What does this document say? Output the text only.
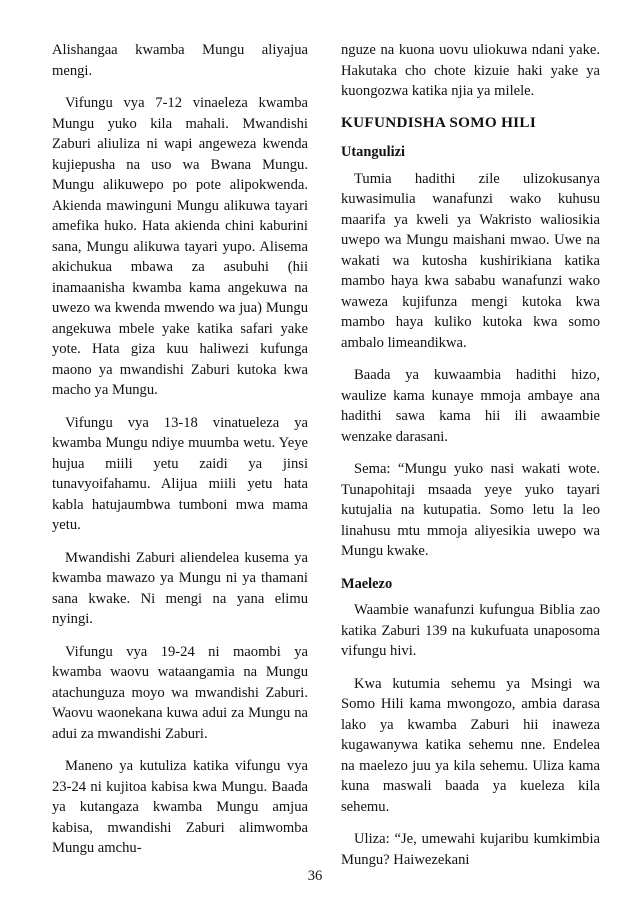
Alishangaa kwamba Mungu aliyajua mengi.

Vifungu vya 7-12 vinaeleza kwamba Mungu yuko kila mahali. Mwandishi Zaburi aliuliza ni wapi angeweza kwenda kujiepusha na uso wa Bwana Mungu. Mungu alikuwepo po pote alipokwenda. Akienda mawinguni Mungu alikuwa tayari amefika huko. Hata akienda chini kaburini sana, Mungu alikuwa tayari yupo. Alisema akichukua mbawa za asubuhi (hii inamaanisha kwamba kama angekuwa na uwezo wa kwenda mwendo wa jua) Mungu angekuwa mbele yake katika safari yake yote. Hata giza kuu haliwezi kufunga maono ya mwandishi Zaburi kutoka kwa macho ya Mungu.

Vifungu vya 13-18 vinatueleza ya kwamba Mungu ndiye muumba wetu. Yeye hujua miili yetu zaidi ya jinsi tunavyoifahamu. Alijua miili yetu hata kabla hatujaumbwa tumboni mwa mama yetu.

Mwandishi Zaburi aliendelea kusema ya kwamba mawazo ya Mungu ni ya thamani sana kwake. Ni mengi na yana elimu nyingi.

Vifungu vya 19-24 ni maombi ya kwamba waovu wataangamia na Mungu atachunguza moyo wa mwandishi Zaburi. Waovu waonekana kuwa adui za Mungu na adui za mwandishi Zaburi.

Maneno ya kutuliza katika vifungu vya 23-24 ni kujitoa kabisa kwa Mungu. Baada ya kutangaza kwamba Mungu amjua kabisa, mwandishi Zaburi alimwomba Mungu amchu-

nguze na kuona uovu uliokuwa ndani yake. Hakutaka cho chote kizuie haki yake ya kuongozwa katika njia ya milele.

KUFUNDISHA SOMO HILI
Utangulizi

Tumia hadithi zile ulizokusanya kuwasimulia wanafunzi wako kuhusu maarifa ya kweli ya Wakristo waliosikia uwepo wa Mungu maishani mwao. Uwe na wakati wa kutosha kushirikiana katika mambo haya kwa sababu wanafunzi wako waweza kujifunza mengi kutoka kwa mambo haya kuliko kutoka kwa somo ambalo limeandikwa.

Baada ya kuwaambia hadithi hizo, waulize kama kunaye mmoja ambaye ana hadithi sawa kama hii ili awaambie wenzake darasani.

Sema: “Mungu yuko nasi wakati wote. Tunapohitaji msaada yeye yuko tayari kutujalia na kutupatia. Somo letu la leo linahusu mtu mmoja aliyesikia uwepo wa Mungu kwake.

Maelezo

Waambie wanafunzi kufungua Biblia zao katika Zaburi 139 na kukufuata unaposoma vifungu hivi.

Kwa kutumia sehemu ya Msingi wa Somo Hili kama mwongozo, ambia darasa lako ya kwamba Zaburi hii inaweza kugawanywa katika sehemu nne. Endelea na maelezo juu ya kila sehemu. Uliza kama kuna maswali baada ya kueleza kila sehemu.

Uliza: “Je, umewahi kujaribu kumkimbia Mungu? Haiwezekani

36
